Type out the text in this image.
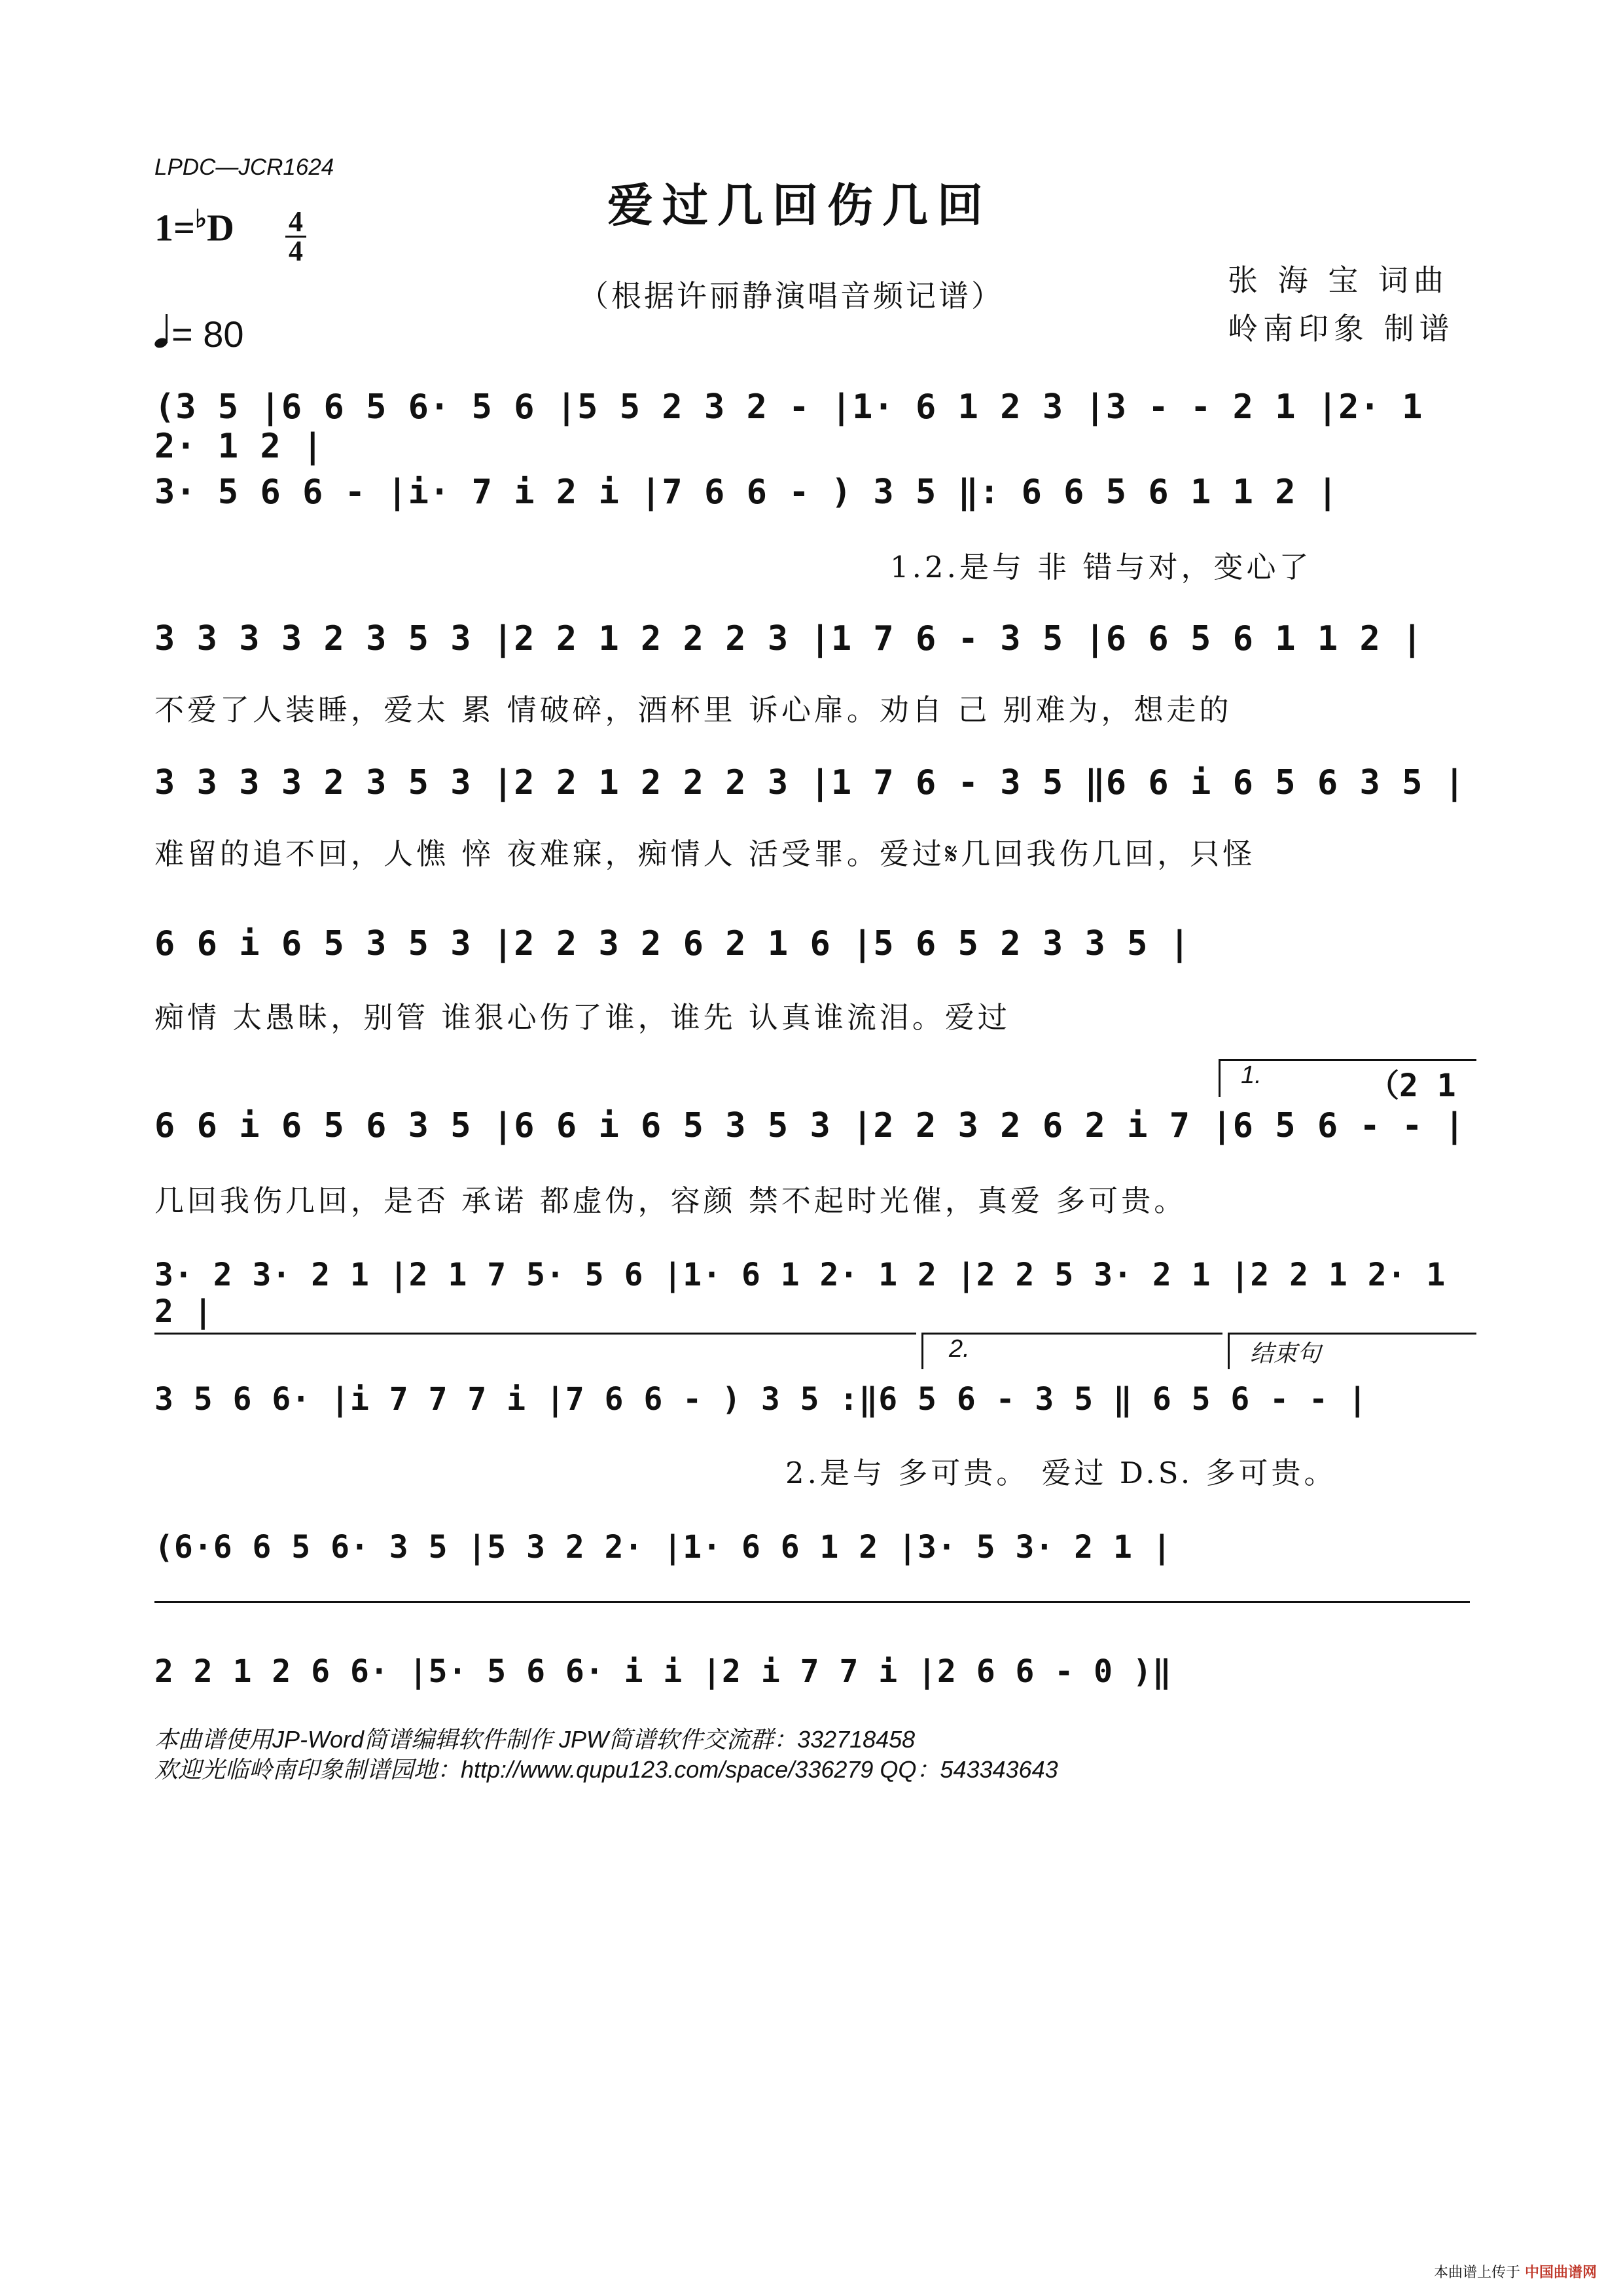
LPDC—JCR1624
爱过几回伤几回
（根据许丽静演唱音频记谱）	张 海 宝 词曲
岭南印象 制谱
1=♭D 4
4
= 80
(3 5 |6 6 5 6· 5 6 |5 5 2 3 2 - |1· 6 1 2 3 |3 - - 2 1 |2· 1 2· 1 2 |
3· 5 6 6 - |i· 7 i 2 i |7 6 6 - ) 3 5 ‖: 6 6 5 6 1 1 2 |
1.2.是与 非 错与对，变心了
3 3 3 3 2 3 5 3 |2 2 1 2 2 2 3 |1 7 6 - 3 5 |6 6 5 6 1 1 2 |
不爱了人装睡，爱太 累 情破碎，酒杯里 诉心扉。劝自 己 别难为，想走的
3 3 3 3 2 3 5 3 |2 2 1 2 2 2 3 |1 7 6 - 3 5 ‖6 6 i 6 5 6 3 5 |
难留的追不回，人憔 悴 夜难寐，痴情人 活受罪。爱过𝄋几回我伤几回，只怪
6 6 i 6 5 3 5 3 |2 2 3 2 6 2 1 6 |5 6 5 2 3 3 5 |
痴情 太愚昧，别管 谁狠心伤了谁，谁先 认真谁流泪。爱过
1.	（2 1
6 6 i 6 5 6 3 5 |6 6 i 6 5 3 5 3 |2 2 3 2 6 2 i 7 |6 5 6 - - |
几回我伤几回，是否 承诺 都虚伪，容颜 禁不起时光催，真爱 多可贵。
3· 2 3· 2 1 |2 1 7 5· 5 6 |1· 6 1 2· 1 2 |2 2 5 3· 2 1 |2 2 1 2· 1 2 |
2.	结束句
3 5 6 6· |i 7 7 7 i |7 6 6 - ) 3 5 :‖6 5 6 - 3 5 ‖ 6 5 6 - - |
2.是与 多可贵。 爱过 D.S. 多可贵。
(6·6 6 5 6· 3 5 |5 3 2 2· |1· 6 6 1 2 |3· 5 3· 2 1 |
2 2 1 2 6 6· |5· 5 6 6· i i |2 i 7 7 i |2 6 6 - 0 )‖
本曲谱使用JP-Word简谱编辑软件制作 JPW简谱软件交流群：332718458
欢迎光临岭南印象制谱园地：http://www.qupu123.com/space/336279 QQ：543343643
本曲谱上传于 中国曲谱网
